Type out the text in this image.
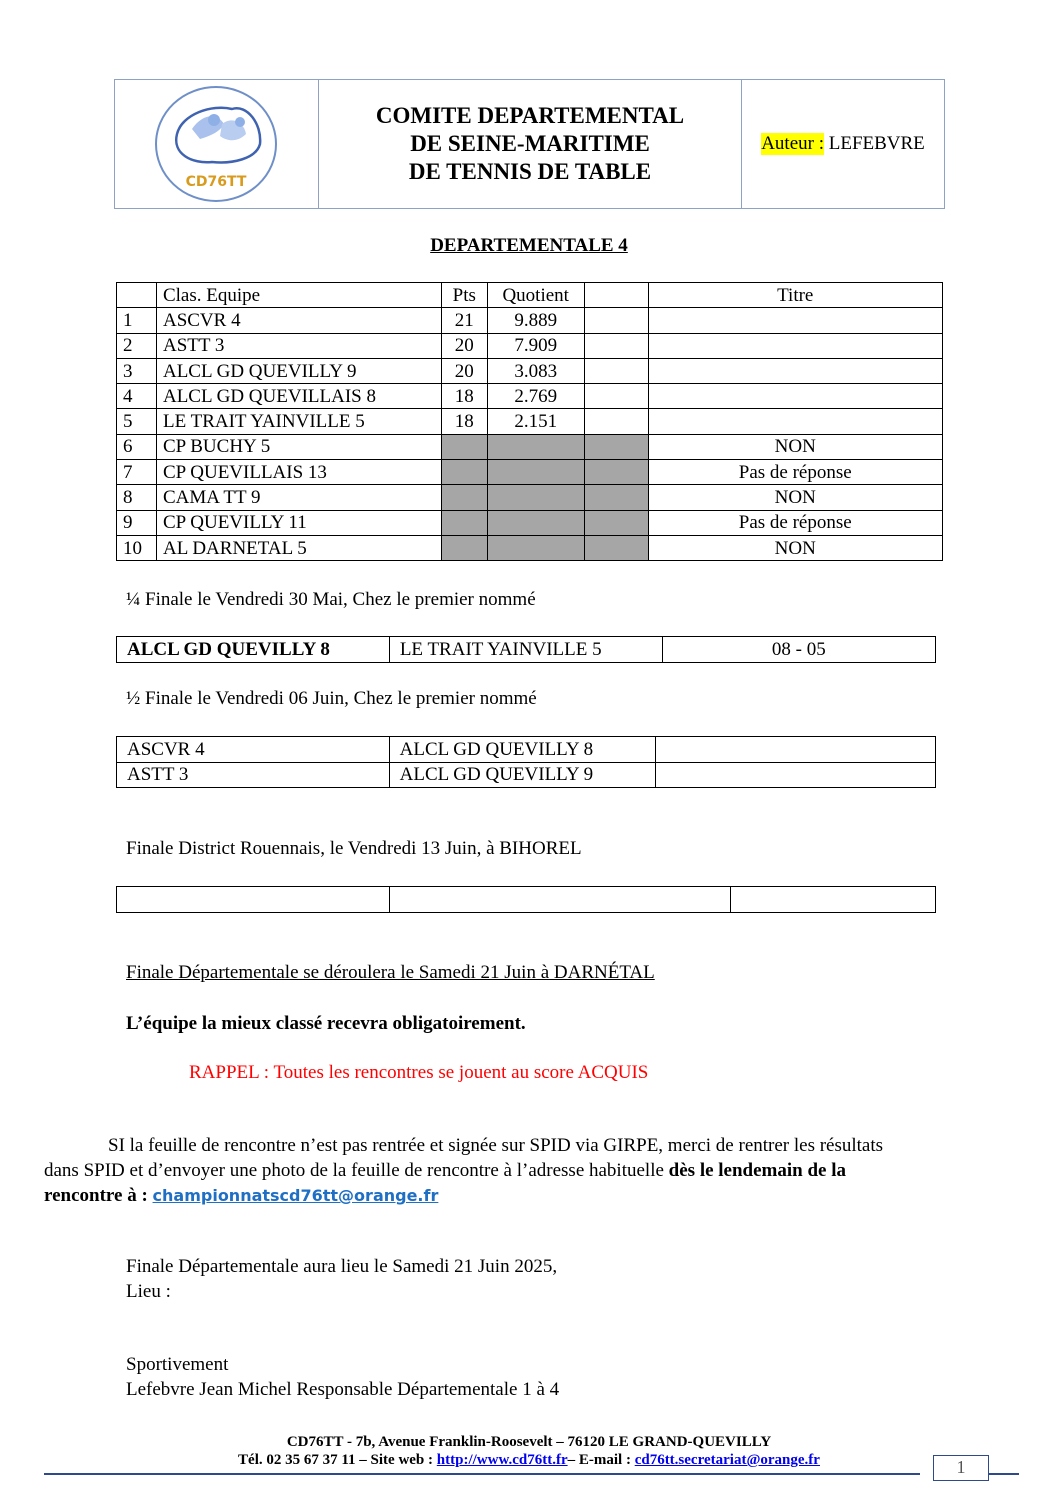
CD76TT
COMITE DEPARTEMENTAL
DE SEINE-MARITIME
DE TENNIS DE TABLE
Auteur :
LEFEBVRE
DEPARTEMENTALE 4
	Clas. Equipe	Pts	Quotient		Titre
1	ASCVR 4	21	9.889		
2	ASTT 3	20	7.909		
3	ALCL GD QUEVILLY 9	20	3.083		
4	ALCL GD QUEVILLAIS 8	18	2.769		
5	LE TRAIT YAINVILLE 5	18	2.151		
6	CP BUCHY 5				NON
7	CP QUEVILLAIS 13				Pas de réponse
8	CAMA TT 9				NON
9	CP QUEVILLY 11				Pas de réponse
10	AL DARNETAL 5				NON
¼ Finale le Vendredi 30 Mai, Chez le premier nommé
ALCL GD QUEVILLY 8	LE TRAIT YAINVILLE 5	08 - 05
½ Finale le Vendredi 06 Juin, Chez le premier nommé
ASCVR 4	ALCL GD QUEVILLY 8	
ASTT 3	ALCL GD QUEVILLY 9	
Finale District Rouennais, le Vendredi 13 Juin, à BIHOREL

Finale Départementale se déroulera le Samedi 21 Juin à DARNÉTAL
L’équipe la mieux classé recevra obligatoirement.
RAPPEL : Toutes les rencontres se jouent au score ACQUIS
SI la feuille de rencontre n’est pas rentrée et signée sur SPID via GIRPE, merci de rentrer les résultats
dans SPID et d’envoyer une photo de la feuille de rencontre à l’adresse habituelle dès le lendemain de la
rencontre à : championnatscd76tt@orange.fr
Finale Départementale aura lieu le Samedi 21 Juin 2025,
Lieu :
Sportivement
Lefebvre Jean Michel Responsable Départementale 1 à 4
CD76TT - 7b, Avenue Franklin-Roosevelt – 76120 LE GRAND-QUEVILLY
Tél. 02 35 67 37 11 – Site web : http://www.cd76tt.fr– E-mail : cd76tt.secretariat@orange.fr	1
